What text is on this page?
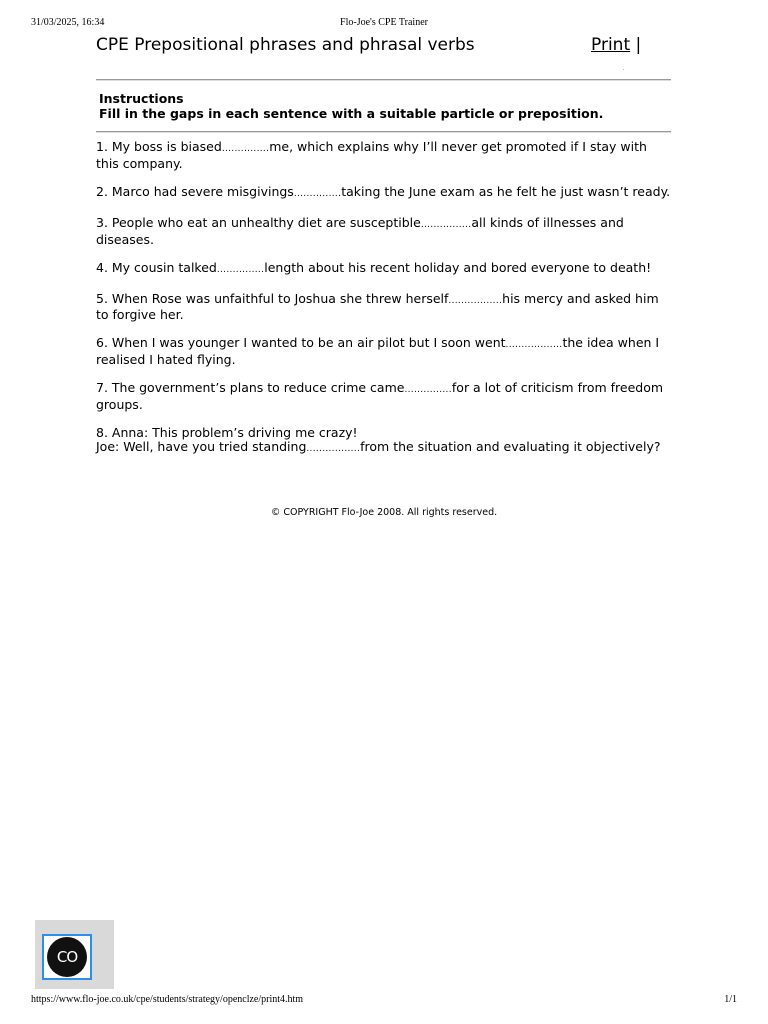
Flo-Joe's CPE Trainer
31/03/2025, 16:34
CPE Prepositional phrases and phrasal verbs	Print |
Instructions
Fill in the gaps in each sentence with a suitable particle or preposition.
1. My boss is biased...............me, which explains why I’ll never get promoted if I stay with this company.
2. Marco had severe misgivings...............taking the June exam as he felt he just wasn’t ready.
3. People who eat an unhealthy diet are susceptible................all kinds of illnesses and diseases.
4. My cousin talked...............length about his recent holiday and bored everyone to death!
5. When Rose was unfaithful to Joshua she threw herself.................his mercy and asked him to forgive her.
6. When I was younger I wanted to be an air pilot but I soon went..................the idea when I realised I hated flying.
7. The government’s plans to reduce crime came...............for a lot of criticism from freedom groups.
8. Anna: This problem’s driving me crazy!
Joe: Well, have you tried standing.................from the situation and evaluating it objectively?
© COPYRIGHT Flo-Joe 2008. All rights reserved.
CO
https://www.flo-joe.co.uk/cpe/students/strategy/openclze/print4.htm	1/1
